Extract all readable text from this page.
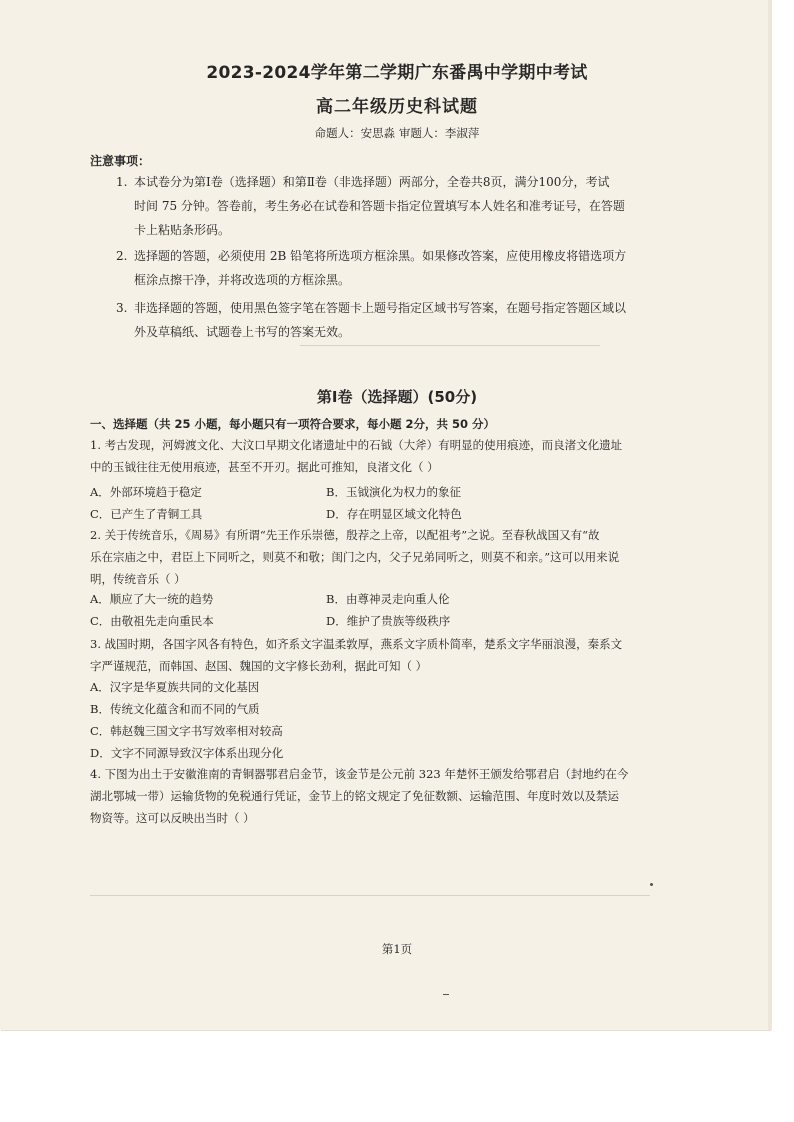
2023-2024学年第二学期广东番禺中学期中考试
高二年级历史科试题
命题人：安思淼 审题人：李淑萍
注意事项：
1. 本试卷分为第Ⅰ卷（选择题）和第Ⅱ卷（非选择题）两部分，全卷共8页，满分100分，考试
时间 75 分钟。答卷前，考生务必在试卷和答题卡指定位置填写本人姓名和准考证号，在答题
卡上粘贴条形码。
2. 选择题的答题，必须使用 2B 铅笔将所选项方框涂黑。如果修改答案，应使用橡皮将错选项方
框涂点擦干净，并将改选项的方框涂黑。
3. 非选择题的答题，使用黑色签字笔在答题卡上题号指定区域书写答案，在题号指定答题区域以
外及草稿纸、试题卷上书写的答案无效。
第Ⅰ卷（选择题）(50分)
一、选择题（共 25 小题，每小题只有一项符合要求，每小题 2分，共 50 分）
1. 考古发现，河姆渡文化、大汶口早期文化诸遗址中的石钺（大斧）有明显的使用痕迹，而良渚文化遗址
中的玉钺往往无使用痕迹，甚至不开刃。据此可推知，良渚文化（ ）
A．外部环境趋于稳定	B．玉钺演化为权力的象征
C．已产生了青铜工具	D．存在明显区域文化特色
2. 关于传统音乐，《周易》有所谓“先王作乐崇德，殷荐之上帝，以配祖考”之说。至春秋战国又有“故
乐在宗庙之中，君臣上下同听之，则莫不和敬；闺门之内，父子兄弟同听之，则莫不和亲。”这可以用来说
明，传统音乐（ ）
A．顺应了大一统的趋势	B．由尊神灵走向重人伦
C．由敬祖先走向重民本	D．维护了贵族等级秩序
3. 战国时期，各国字风各有特色，如齐系文字温柔敦厚，燕系文字质朴简率，楚系文字华丽浪漫，秦系文
字严谨规范，而韩国、赵国、魏国的文字修长劲利，据此可知（ ）
A．汉字是华夏族共同的文化基因
B．传统文化蕴含和而不同的气质
C．韩赵魏三国文字书写效率相对较高
D．文字不同源导致汉字体系出现分化
4. 下图为出土于安徽淮南的青铜器鄂君启金节，该金节是公元前 323 年楚怀王颁发给鄂君启（封地约在今
湖北鄂城一带）运输货物的免税通行凭证，金节上的铭文规定了免征数额、运输范围、年度时效以及禁运
物资等。这可以反映出当时（ ）
第1页
